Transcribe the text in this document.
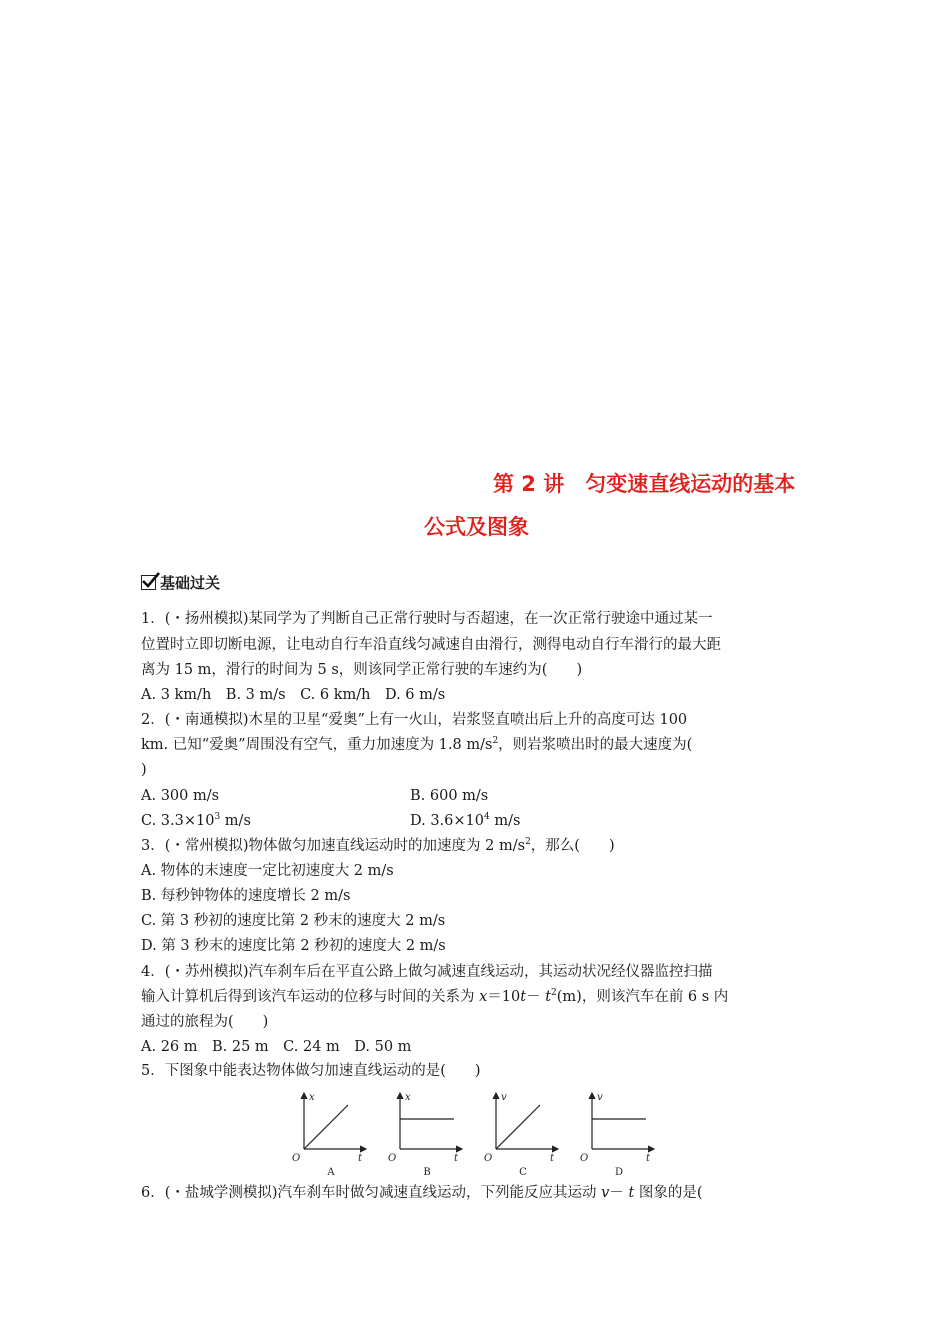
第 2 讲　匀变速直线运动的基本
公式及图象
基础过关
1．(・扬州模拟)某同学为了判断自己正常行驶时与否超速，在一次正常行驶途中通过某一
位置时立即切断电源，让电动自行车沿直线匀减速自由滑行，测得电动自行车滑行的最大距
离为 15 m，滑行的时间为 5 s，则该同学正常行驶的车速约为(　　)
A. 3 km/h　B. 3 m/s　C. 6 km/h　D. 6 m/s
2．(・南通模拟)木星的卫星“爱奥”上有一火山，岩浆竖直喷出后上升的高度可达 100
km. 已知“爱奥”周围没有空气，重力加速度为 1.8 $m/s^2$，则岩浆喷出时的最大速度为(
)
A. 300 m/s	B. 600 m/s
C. $3.3\times 10^3$ m/s	D. $3.6\times 10^4$ m/s
3．(・常州模拟)物体做匀加速直线运动时的加速度为 2 $m/s^2$，那么(　　)
A. 物体的末速度一定比初速度大 2 m/s
B. 每秒钟物体的速度增长 2 m/s
C. 第 3 秒初的速度比第 2 秒末的速度大 2 m/s
D. 第 3 秒末的速度比第 2 秒初的速度大 2 m/s
4．(・苏州模拟)汽车刹车后在平直公路上做匀减速直线运动，其运动状况经仪器监控扫描
输入计算机后得到该汽车运动的位移与时间的关系为 $x=10t- t^2(m)$，则该汽车在前 6 s 内
通过的旅程为(　　)
A. 26 m　B. 25 m　C. 24 m　D. 50 m
5．下图象中能表达物体做匀加速直线运动的是(　　)
x
t
O
A
x
t
O
B
v
t
O
C
v
t
O
D
6．(・盐城学测模拟)汽车刹车时做匀减速直线运动，下列能反应其运动 v－ t 图象的是(
